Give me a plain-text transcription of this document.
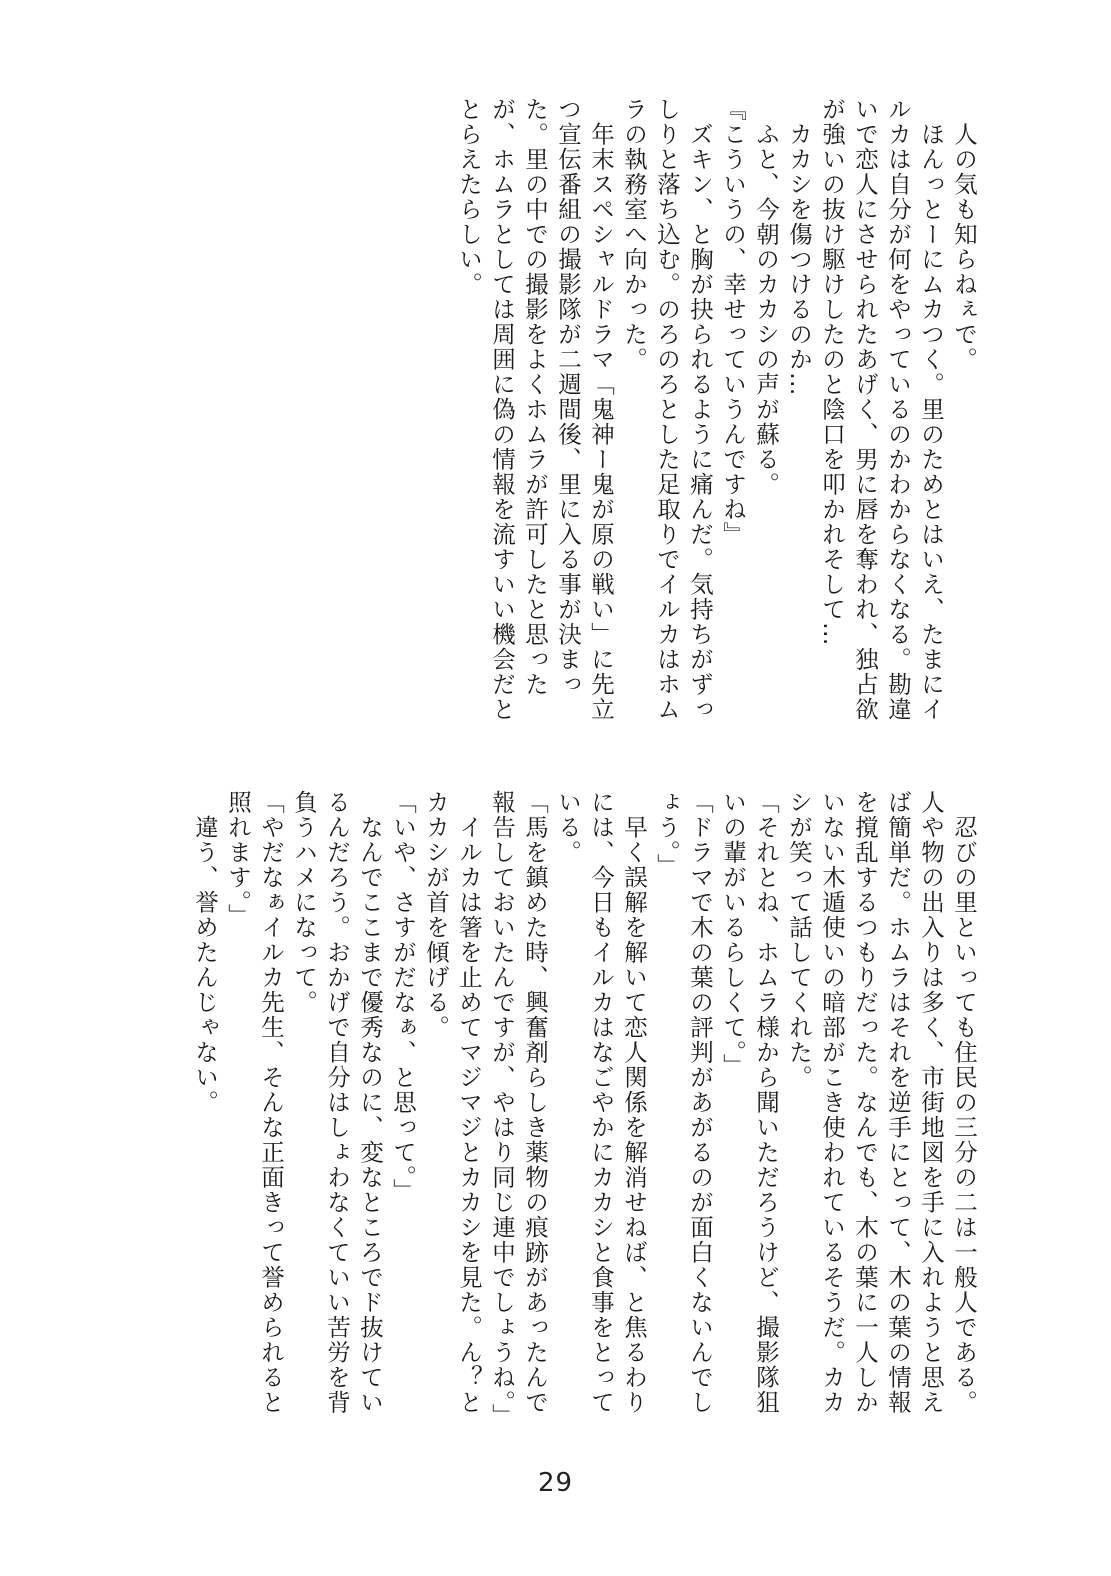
　人の気も知らねぇで。

　ほんっとーにムカつく。里のためとはいえ、たまにイルカは自分が何をやっているのかわからなくなる。勘違いで恋人にさせられたあげく、男に唇を奪われ、独占欲が強いの抜け駆けしたのと陰口を叩かれそして…

　カカシを傷つけるのか…

　ふと、今朝のカカシの声が蘇る。

『こういうの、幸せっていうんですね』

　ズキン、と胸が抉られるように痛んだ。気持ちがずっしりと落ち込む。のろのろとした足取りでイルカはホムラの執務室へ向かった。

　年末スペシャルドラマ「鬼神ー鬼が原の戦い」に先立つ宣伝番組の撮影隊が二週間後、里に入る事が決まった。里の中での撮影をよくホムラが許可したと思ったが、ホムラとしては周囲に偽の情報を流すいい機会だととらえたらしい。

　忍びの里といっても住民の三分の二は一般人である。人や物の出入りは多く、市街地図を手に入れようと思えば簡単だ。ホムラはそれを逆手にとって、木の葉の情報を撹乱するつもりだった。なんでも、木の葉に一人しかいない木遁使いの暗部がこき使われているそうだ。カカシが笑って話してくれた。

「それとね、ホムラ様から聞いただろうけど、撮影隊狙いの輩がいるらしくて。」

「ドラマで木の葉の評判があがるのが面白くないんでしょう。」

　早く誤解を解いて恋人関係を解消せねば、と焦るわりには、今日もイルカはなごやかにカカシと食事をとっている。

「馬を鎮めた時、興奮剤らしき薬物の痕跡があったんで報告しておいたんですが、やはり同じ連中でしょうね。」

　イルカは箸を止めてマジマジとカカシを見た。ん？とカカシが首を傾げる。

「いや、さすがだなぁ、と思って。」

　なんでここまで優秀なのに、変なところでド抜けているんだろう。おかげで自分はしょわなくていい苦労を背負うハメになって。

「やだなぁイルカ先生、そんな正面きって誉められると照れます。」

　違う、誉めたんじゃない。

29
